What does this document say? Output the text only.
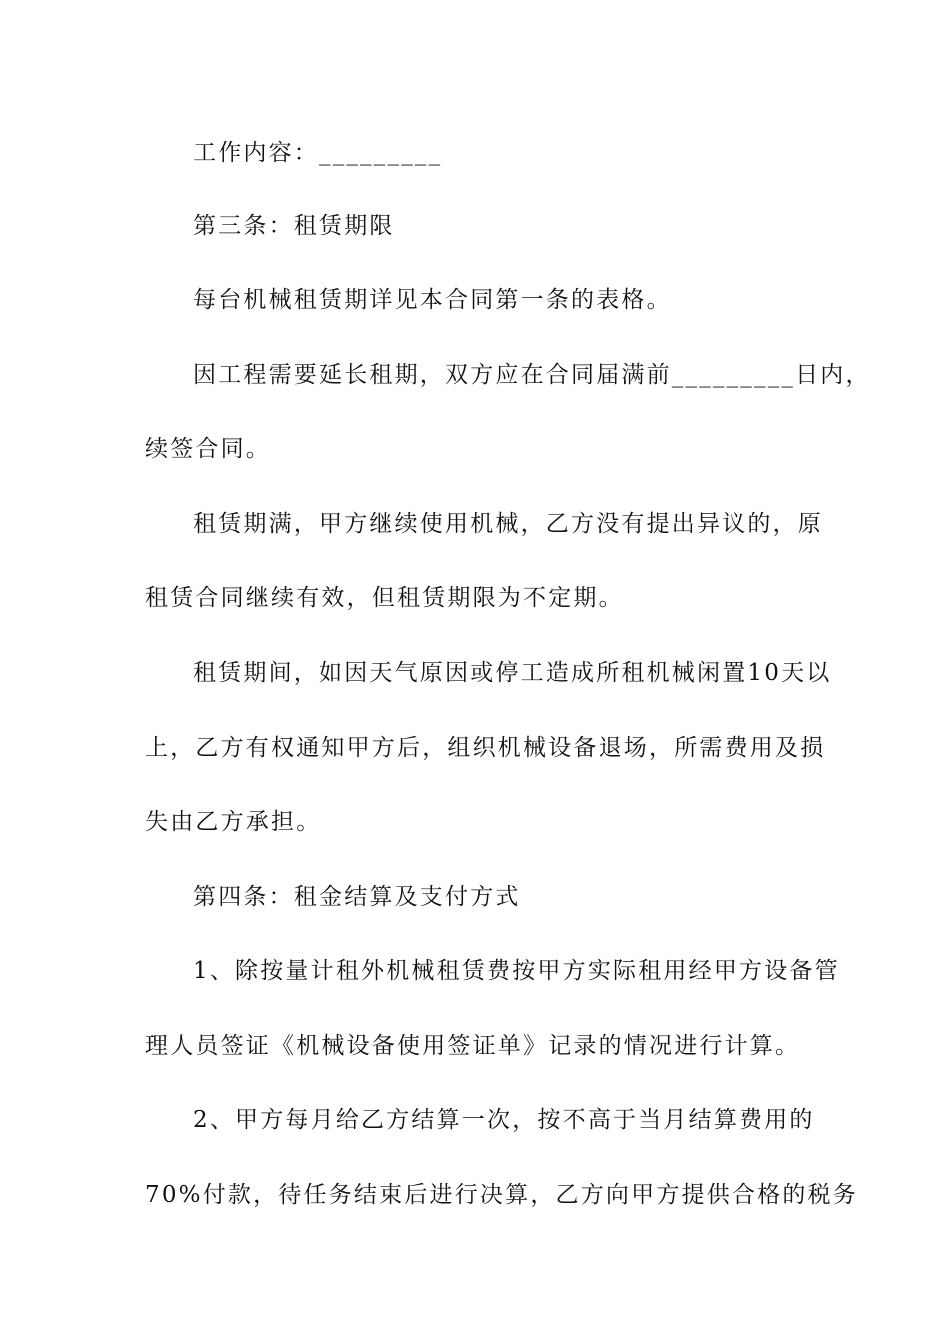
工作内容：_________
第三条：租赁期限
每台机械租赁期详见本合同第一条的表格。
因工程需要延长租期，双方应在合同届满前_________日内，
续签合同。
租赁期满，甲方继续使用机械，乙方没有提出异议的，原
租赁合同继续有效，但租赁期限为不定期。
租赁期间，如因天气原因或停工造成所租机械闲置10天以
上，乙方有权通知甲方后，组织机械设备退场，所需费用及损
失由乙方承担。
第四条：租金结算及支付方式
1、除按量计租外机械租赁费按甲方实际租用经甲方设备管
理人员签证《机械设备使用签证单》记录的情况进行计算。
2、甲方每月给乙方结算一次，按不高于当月结算费用的
70%付款，待任务结束后进行决算，乙方向甲方提供合格的税务
